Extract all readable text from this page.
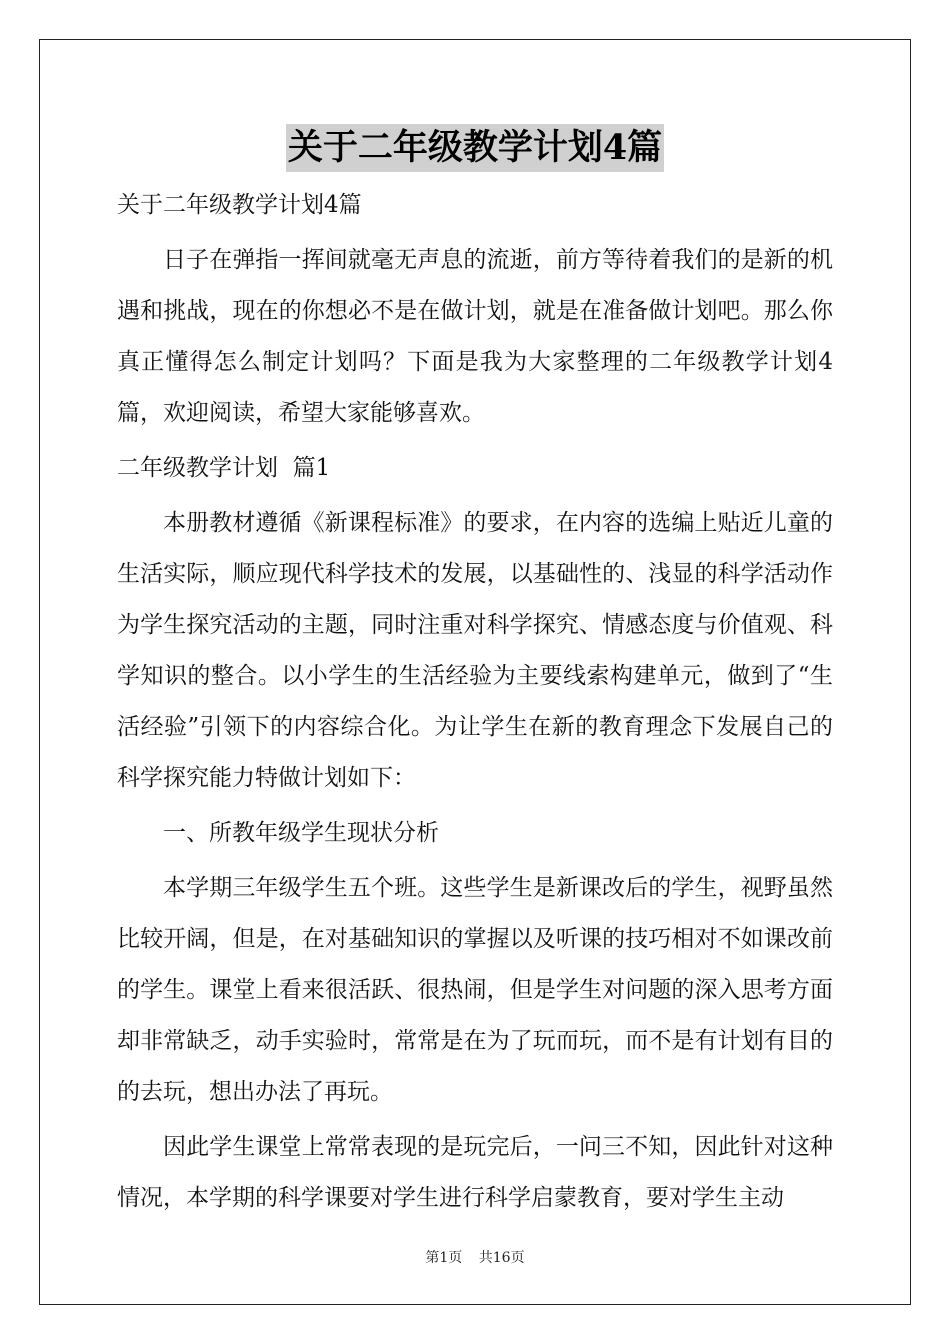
关于二年级教学计划4篇

关于二年级教学计划4篇

日子在弹指一挥间就毫无声息的流逝，前方等待着我们的是新的机遇和挑战，现在的你想必不是在做计划，就是在准备做计划吧。那么你真正懂得怎么制定计划吗？下面是我为大家整理的二年级教学计划4篇，欢迎阅读，希望大家能够喜欢。

二年级教学计划  篇1

本册教材遵循《新课程标准》的要求，在内容的选编上贴近儿童的生活实际，顺应现代科学技术的发展，以基础性的、浅显的科学活动作为学生探究活动的主题，同时注重对科学探究、情感态度与价值观、科学知识的整合。以小学生的生活经验为主要线索构建单元，做到了“生活经验”引领下的内容综合化。为让学生在新的教育理念下发展自己的科学探究能力特做计划如下：

一、所教年级学生现状分析

本学期三年级学生五个班。这些学生是新课改后的学生，视野虽然比较开阔，但是，在对基础知识的掌握以及听课的技巧相对不如课改前的学生。课堂上看来很活跃、很热闹，但是学生对问题的深入思考方面却非常缺乏，动手实验时，常常是在为了玩而玩，而不是有计划有目的的去玩，想出办法了再玩。

因此学生课堂上常常表现的是玩完后，一问三不知，因此针对这种情况，本学期的科学课要对学生进行科学启蒙教育，要对学生主动

第1页 共16页
